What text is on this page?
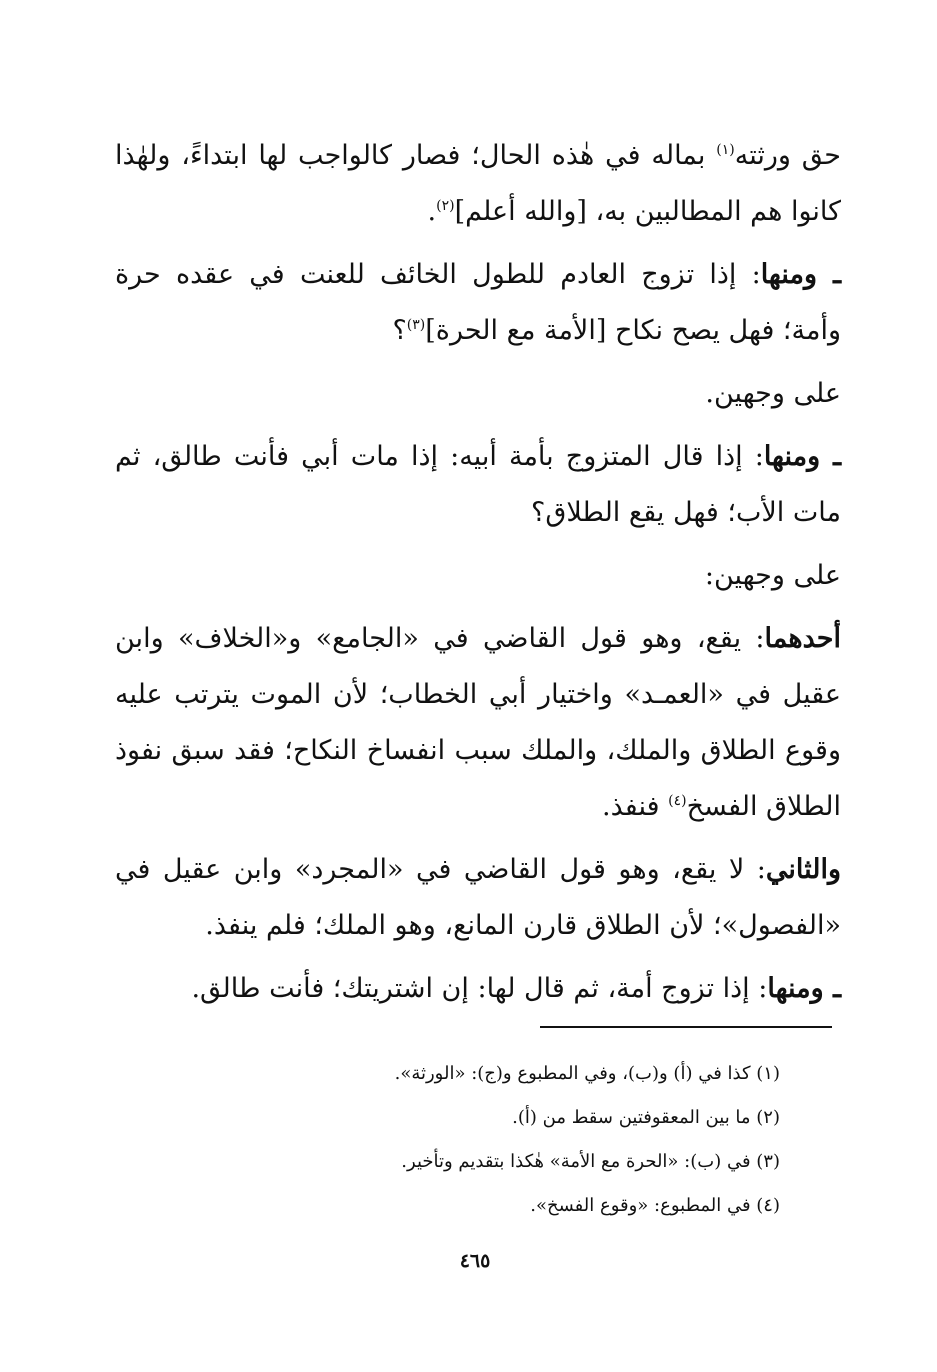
حق ورثته$^{(١)}$ بماله في هٰذه الحال؛ فصار كالواجب لها ابتداءً، ولهٰذا كانوا هم المطالبين به، [والله أعلم]$^{(٢)}$.

ـ ومنها: إذا تزوج العادم للطول الخائف للعنت في عقده حرة وأمة؛ فهل يصح نكاح [الأمة مع الحرة]$^{(٣)}$؟

على وجهين.

ـ ومنها: إذا قال المتزوج بأمة أبيه: إذا مات أبي فأنت طالق، ثم مات الأب؛ فهل يقع الطلاق؟

على وجهين:

أحدهما: يقع، وهو قول القاضي في «الجامع» و«الخلاف» وابن عقيل في «العمـد» واختيار أبي الخطاب؛ لأن الموت يترتب عليه وقوع الطلاق والملك، والملك سبب انفساخ النكاح؛ فقد سبق نفوذ الطلاق الفسخ$^{(٤)}$ فنفذ.

والثاني: لا يقع، وهو قول القاضي في «المجرد» وابن عقيل في «الفصول»؛ لأن الطلاق قارن المانع، وهو الملك؛ فلم ينفذ.

ـ ومنها: إذا تزوج أمة، ثم قال لها: إن اشتريتك؛ فأنت طالق.

(١) كذا في (أ) و(ب)، وفي المطبوع و(ج): «الورثة».

(٢) ما بين المعقوفتين سقط من (أ).

(٣) في (ب): «الحرة مع الأمة» هٰكذا بتقديم وتأخير.

(٤) في المطبوع: «وقوع الفسخ».

٤٦٥
